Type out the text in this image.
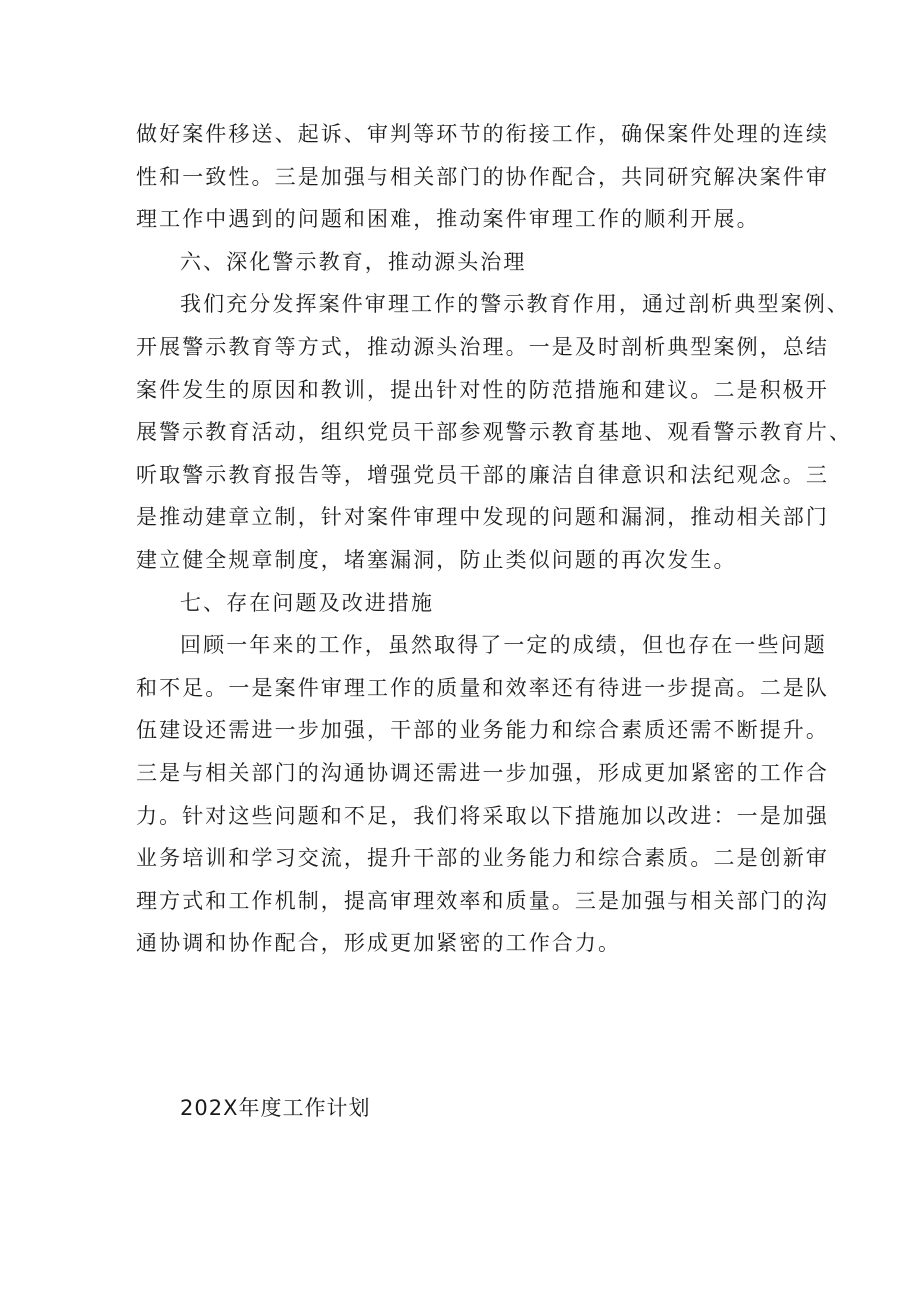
做好案件移送、起诉、审判等环节的衔接工作，确保案件处理的连续
性和一致性。三是加强与相关部门的协作配合，共同研究解决案件审
理工作中遇到的问题和困难，推动案件审理工作的顺利开展。

六、深化警示教育，推动源头治理

我们充分发挥案件审理工作的警示教育作用，通过剖析典型案例、
开展警示教育等方式，推动源头治理。一是及时剖析典型案例，总结
案件发生的原因和教训，提出针对性的防范措施和建议。二是积极开
展警示教育活动，组织党员干部参观警示教育基地、观看警示教育片、
听取警示教育报告等，增强党员干部的廉洁自律意识和法纪观念。三
是推动建章立制，针对案件审理中发现的问题和漏洞，推动相关部门
建立健全规章制度，堵塞漏洞，防止类似问题的再次发生。

七、存在问题及改进措施

回顾一年来的工作，虽然取得了一定的成绩，但也存在一些问题
和不足。一是案件审理工作的质量和效率还有待进一步提高。二是队
伍建设还需进一步加强，干部的业务能力和综合素质还需不断提升。
三是与相关部门的沟通协调还需进一步加强，形成更加紧密的工作合
力。针对这些问题和不足，我们将采取以下措施加以改进：一是加强
业务培训和学习交流，提升干部的业务能力和综合素质。二是创新审
理方式和工作机制，提高审理效率和质量。三是加强与相关部门的沟
通协调和协作配合，形成更加紧密的工作合力。

202X年度工作计划
